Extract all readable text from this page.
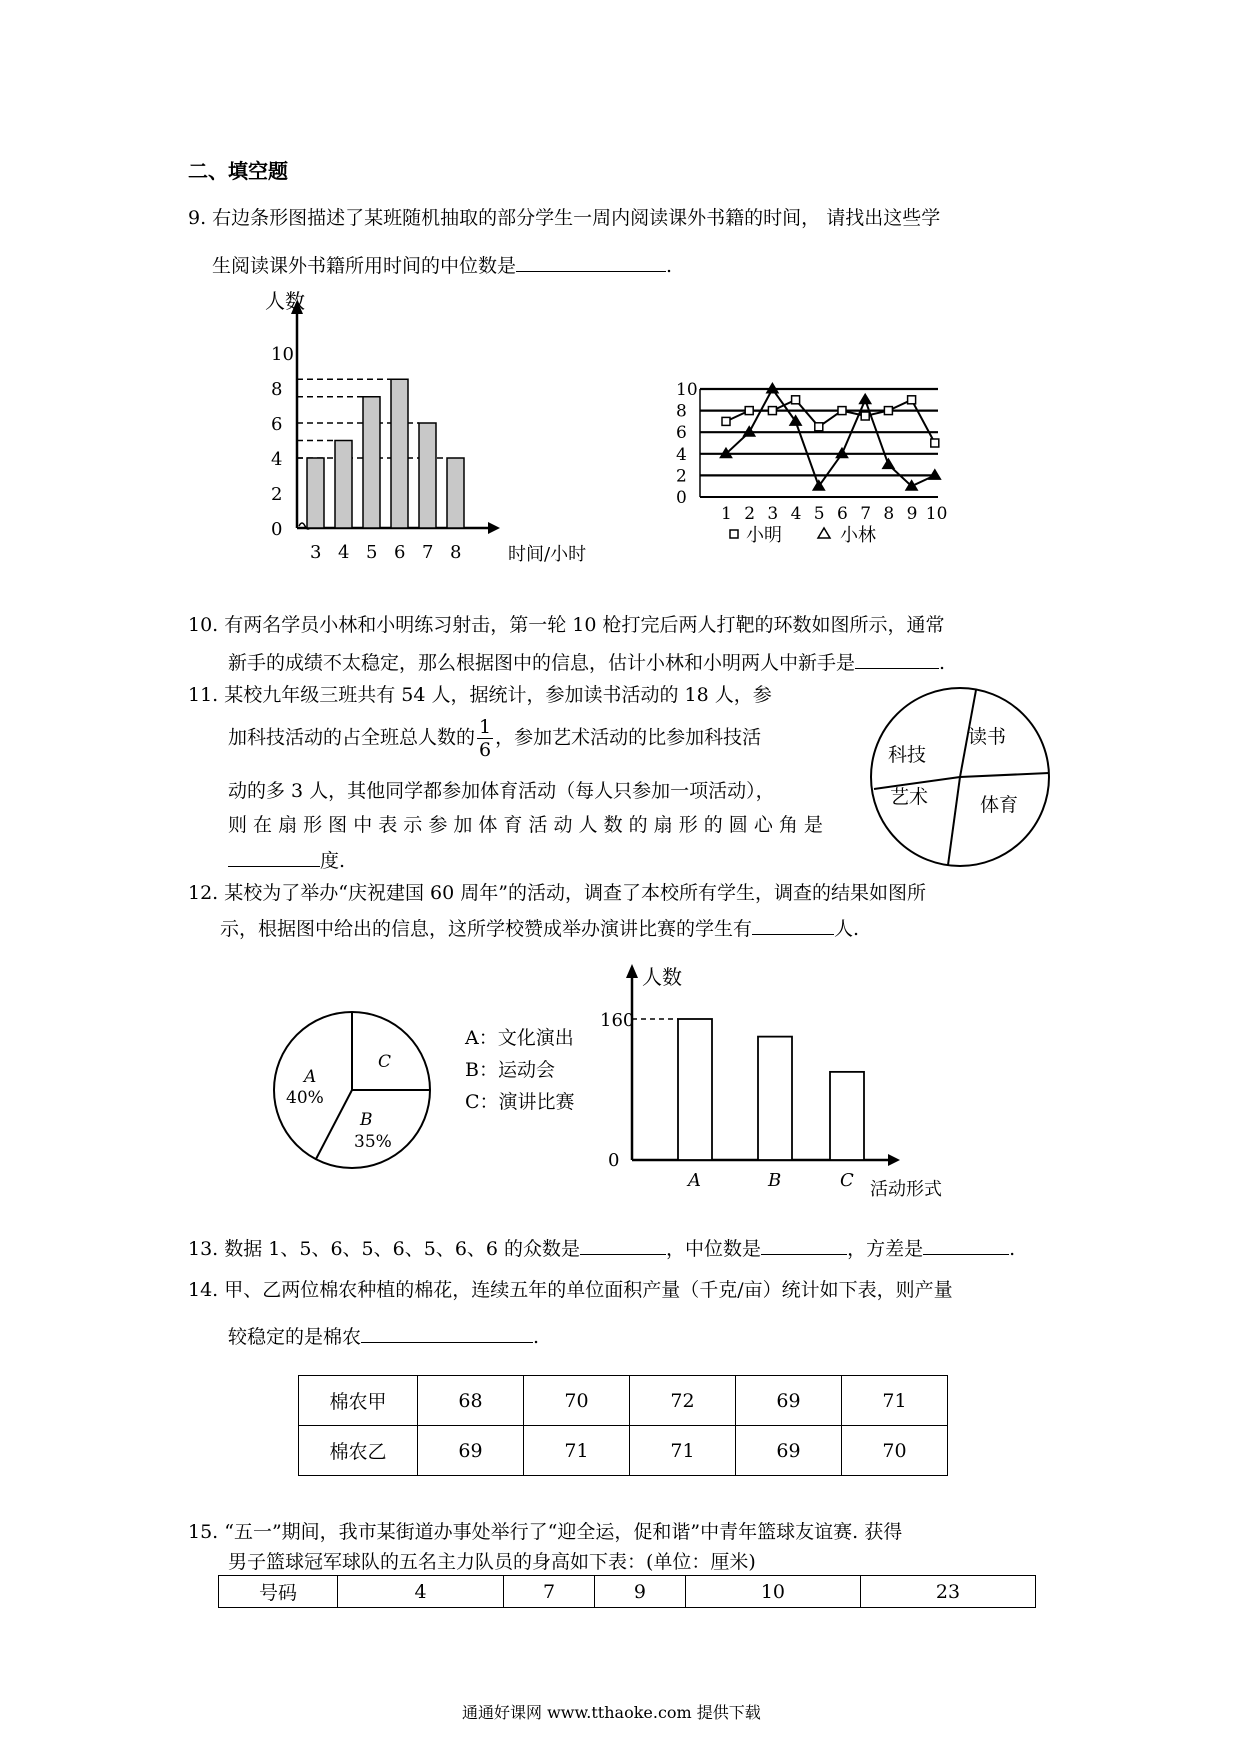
二、填空题
9. 右边条形图描述了某班随机抽取的部分学生一周内阅读课外书籍的时间， 请找出这些学
生阅读课外书籍所用时间的中位数是	.
0
2
4
6
8
10
人数
3 4 5 6 7 8	时间/小时
0
2
4
6
8
10
1 2 3 4 5 6 7 8 9 10
小明	小林
10. 有两名学员小林和小明练习射击，第一轮 10 枪打完后两人打靶的环数如图所示，通常
新手的成绩不太稳定，那么根据图中的信息，估计小林和小明两人中新手是	.
11. 某校九年级三班共有 54 人，据统计，参加读书活动的 18 人，参
加科技活动的占全班总人数的 $\frac{1}{6}$ ，参加艺术活动的比参加科技活
动的多 3 人，其他同学都参加体育活动（每人只参加一项活动），
则 在 扇 形 图 中 表 示 参 加 体 育 活 动 人 数 的 扇 形 的 圆 心 角 是
度.
读书
体育
艺术
科技
12. 某校为了举办“庆祝建国 60 周年”的活动，调查了本校所有学生，调查的结果如图所
示，根据图中给出的信息，这所学校赞成举办演讲比赛的学生有	人.
A
40%
B
35%
C
A：文化演出
B：运动会
C：演讲比赛
人数
0
160
A	B	C 活动形式
13. 数据 1、5、6、5、6、5、6、6 的众数是	，中位数是	，方差是	.
14. 甲、乙两位棉农种植的棉花，连续五年的单位面积产量（千克/亩）统计如下表，则产量
较稳定的是棉农	.
棉农甲	68	70	72	69	71
棉农乙	69	71	71	69	70
15. “五一”期间，我市某街道办事处举行了“迎全运，促和谐”中青年篮球友谊赛. 获得
男子篮球冠军球队的五名主力队员的身高如下表：(单位：厘米)
号码	4	7	9	10	23
通通好课网 www.tthaoke.com 提供下载
